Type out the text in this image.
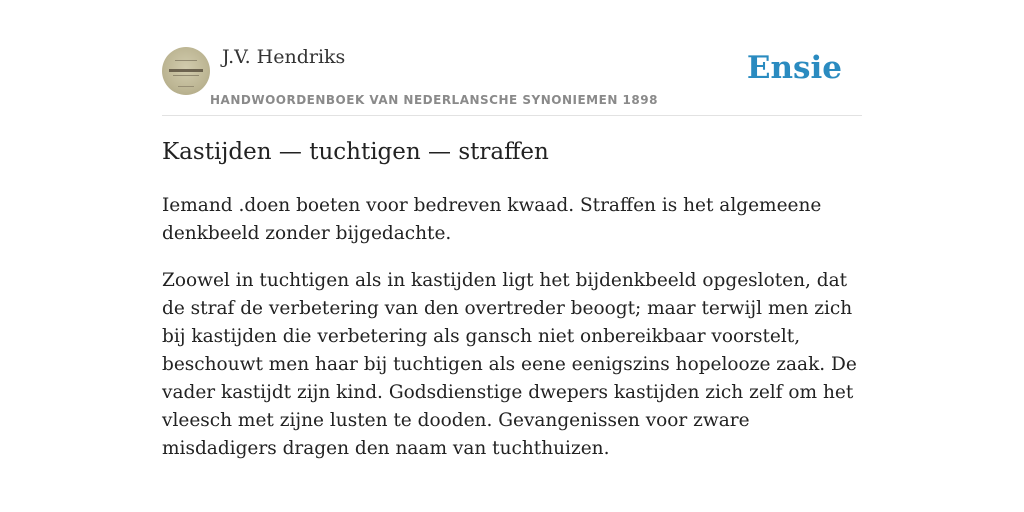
J.V. Hendriks
HANDWOORDENBOEK VAN NEDERLANSCHE SYNONIEMEN 1898
Ensie
Kastijden — tuchtigen — straffen

Iemand .doen boeten voor bedreven kwaad. Straffen is het algemeene denkbeeld zonder bijgedachte.

Zoowel in tuchtigen als in kastijden ligt het bijdenkbeeld opgesloten, dat de straf de verbetering van den overtreder beoogt; maar terwijl men zich bij kastijden die verbetering als gansch niet onbereikbaar voorstelt, beschouwt men haar bij tuchtigen als eene eenigszins hopelooze zaak. De vader kastijdt zijn kind. Godsdienstige dwepers kastijden zich zelf om het vleesch met zijne lusten te dooden. Gevangenissen voor zware misdadigers dragen den naam van tuchthuizen.
